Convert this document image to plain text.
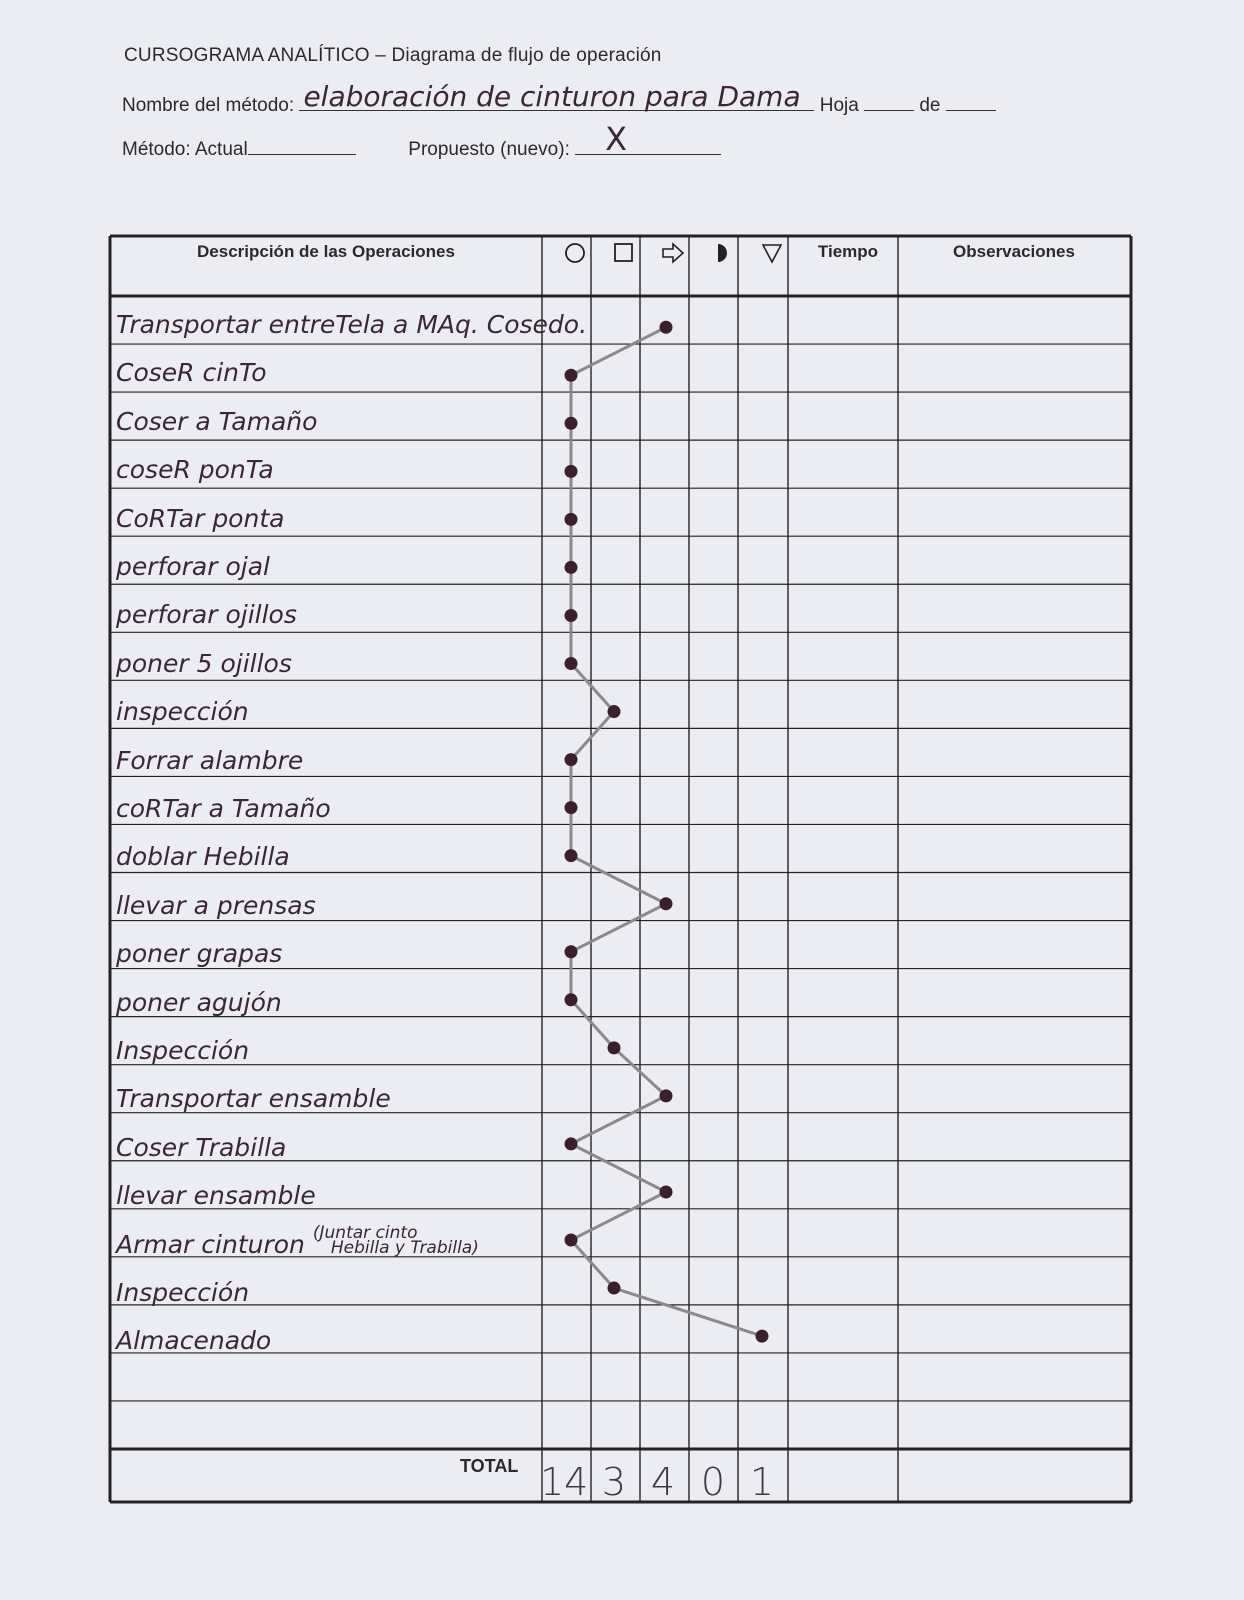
CURSOGRAMA ANALÍTICO – Diagrama de flujo de operación
Nombre del método: elaboración de cinturon para Dama Hoja	de
Método: Actual	Propuesto (nuevo): X
Descripción de las Operaciones	Tiempo	Observaciones
Transportar entreTela a MAq. Cosedo.
CoseR cinTo
Coser a Tamaño
coseR ponTa
CoRTar ponta
perforar ojal
perforar ojillos
poner 5 ojillos
inspección
Forrar alambre
coRTar a Tamaño
doblar Hebilla
llevar a prensas
poner grapas
poner agujón
Inspección
Transportar ensamble
Coser Trabilla
llevar ensamble
Armar cinturon (Juntar cinto
Hebilla y Trabilla)
Inspección
Almacenado
TOTAL 14 3 4 0 1
